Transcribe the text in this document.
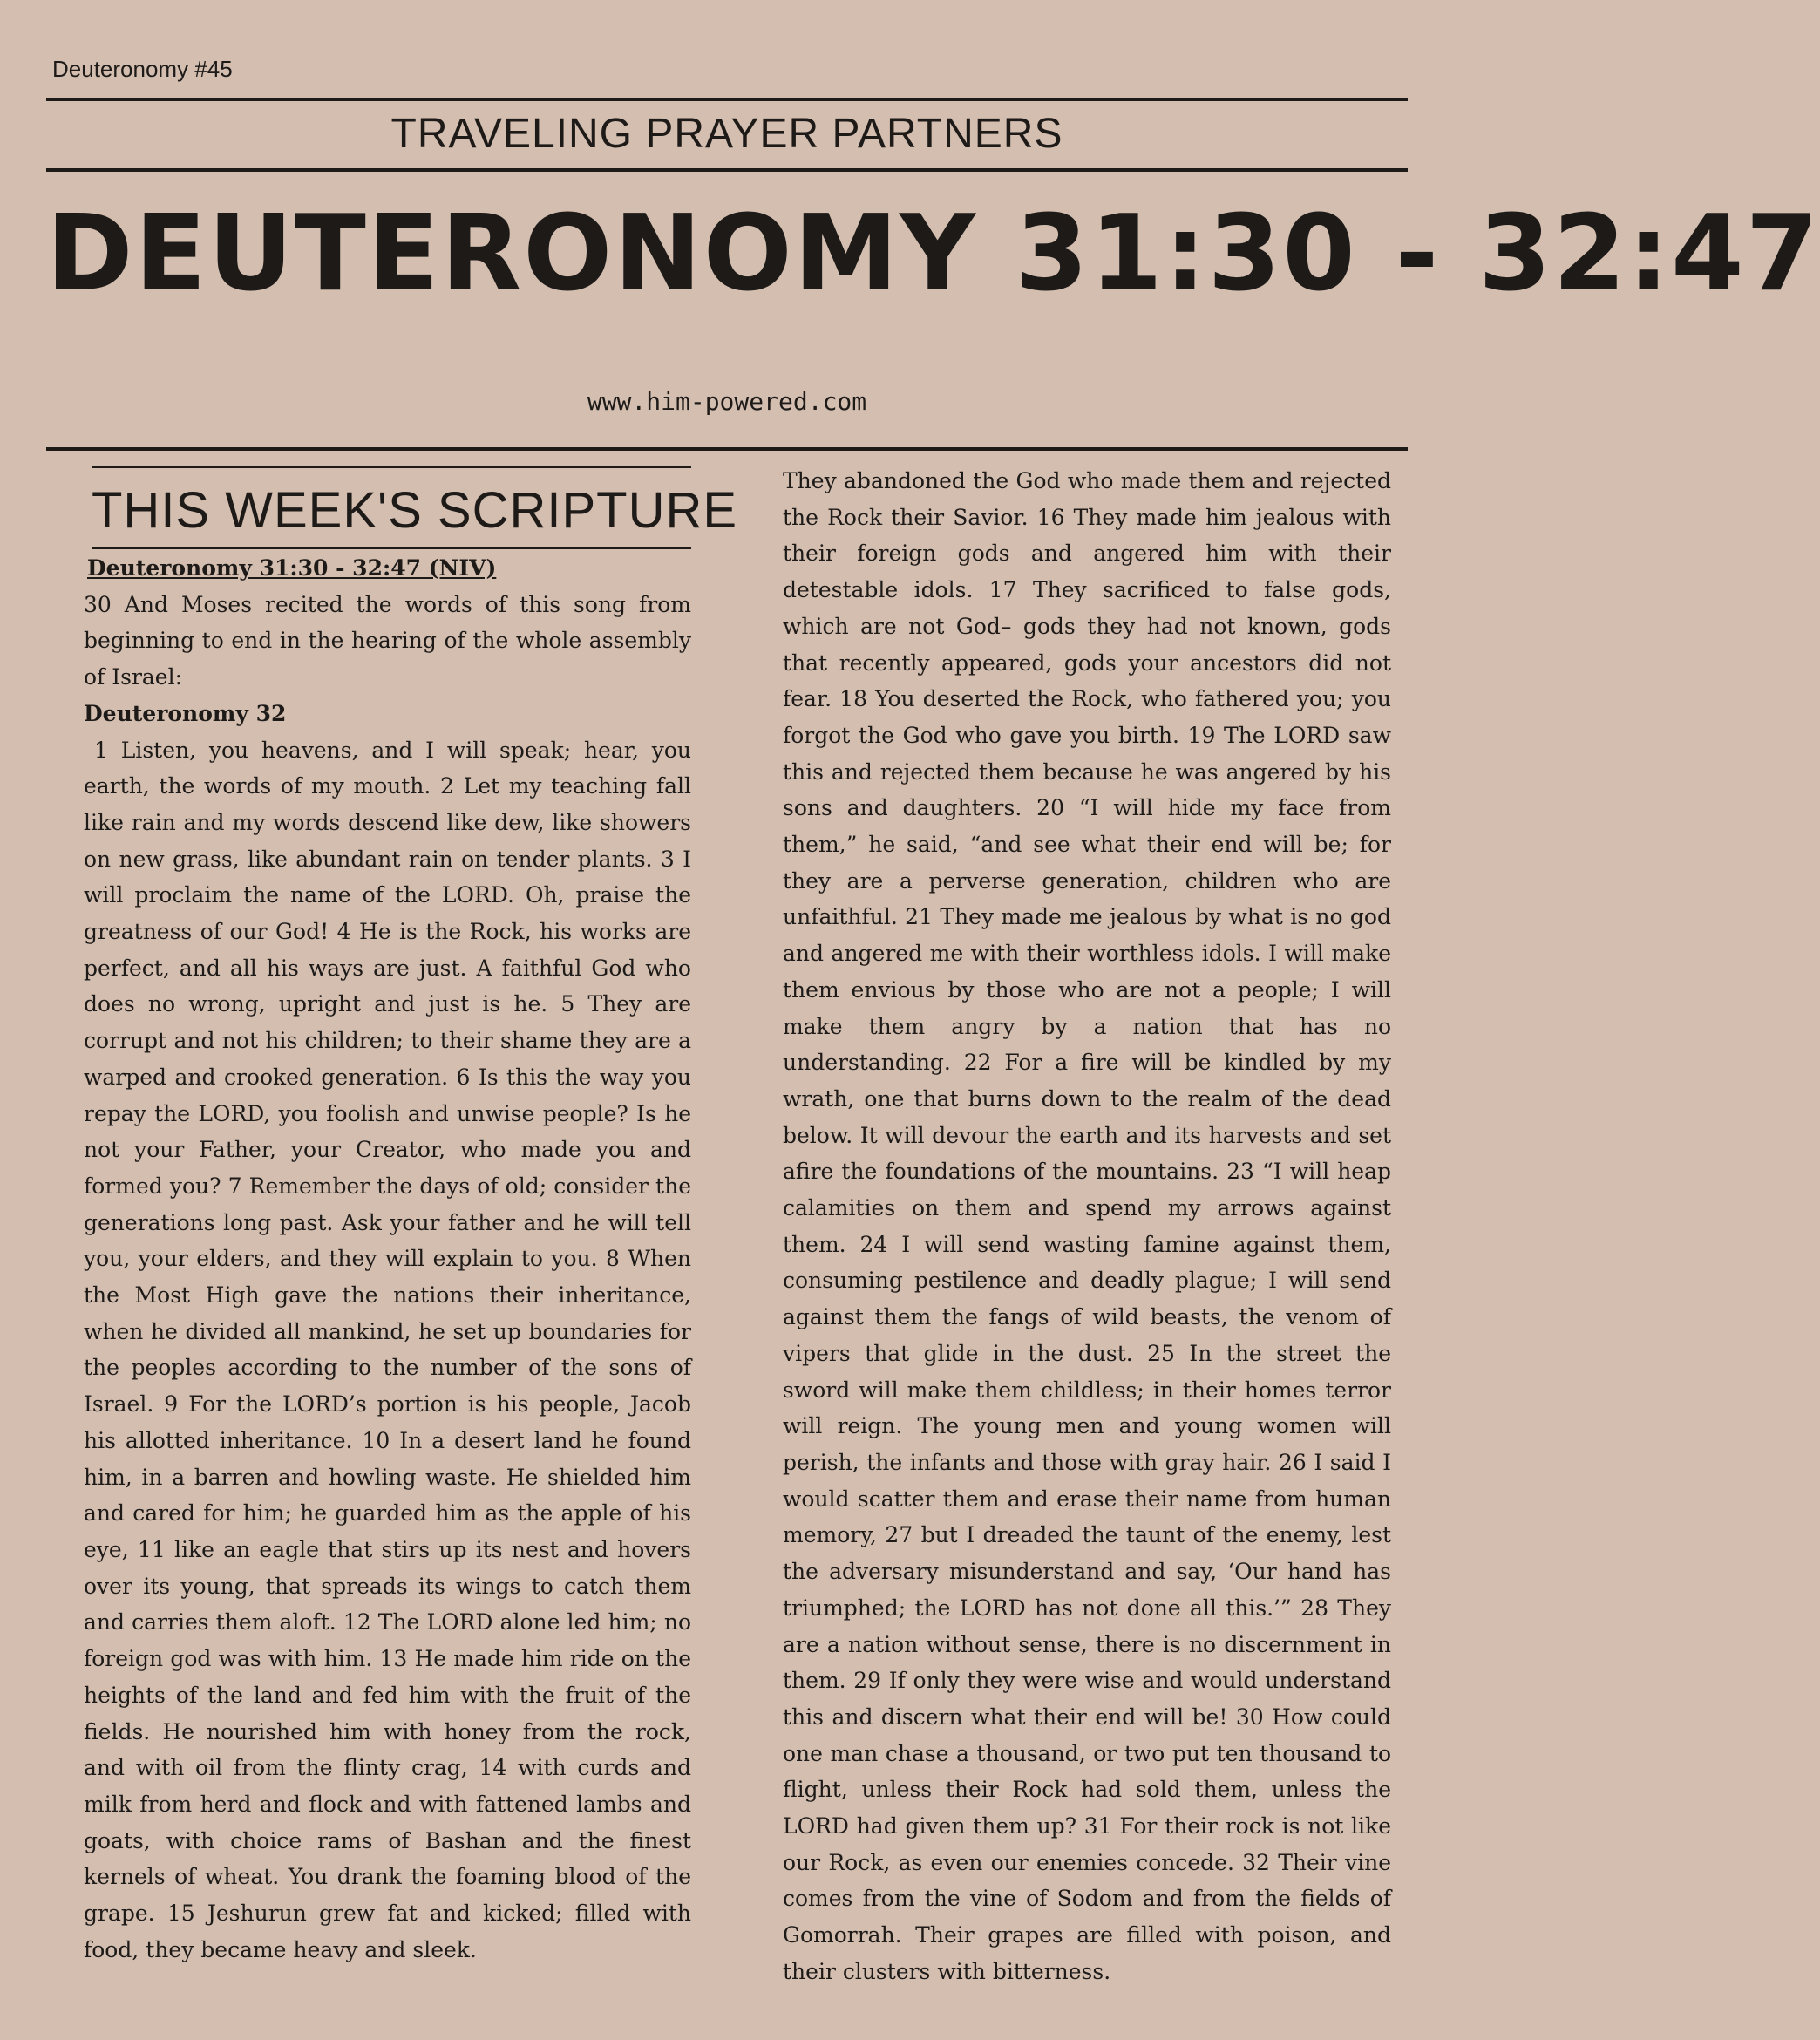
Deuteronomy #45
TRAVELING PRAYER PARTNERS
DEUTERONOMY 31:30 - 32:47
www.him-powered.com
THIS WEEK'S SCRIPTURE

Deuteronomy 31:30 - 32:47 (NIV)

30 And Moses recited the words of this song from beginning to end in the hearing of the whole assembly of Israel:

Deuteronomy 32

1 Listen, you heavens, and I will speak; hear, you earth, the words of my mouth. 2 Let my teaching fall like rain and my words descend like dew, like showers on new grass, like abundant rain on tender plants. 3 I will proclaim the name of the LORD. Oh, praise the greatness of our God! 4 He is the Rock, his works are perfect, and all his ways are just. A faithful God who does no wrong, upright and just is he. 5 They are corrupt and not his children; to their shame they are a warped and crooked generation. 6 Is this the way you repay the LORD, you foolish and unwise people? Is he not your Father, your Creator, who made you and formed you? 7 Remember the days of old; consider the generations long past. Ask your father and he will tell you, your elders, and they will explain to you. 8 When the Most High gave the nations their inheritance, when he divided all mankind, he set up boundaries for the peoples according to the number of the sons of Israel. 9 For the LORD’s portion is his people, Jacob his allotted inheritance. 10 In a desert land he found him, in a barren and howling waste. He shielded him and cared for him; he guarded him as the apple of his eye, 11 like an eagle that stirs up its nest and hovers over its young, that spreads its wings to catch them and carries them aloft. 12 The LORD alone led him; no foreign god was with him. 13 He made him ride on the heights of the land and fed him with the fruit of the fields. He nourished him with honey from the rock, and with oil from the flinty crag, 14 with curds and milk from herd and flock and with fattened lambs and goats, with choice rams of Bashan and the finest kernels of wheat. You drank the foaming blood of the grape. 15 Jeshurun grew fat and kicked; filled with food, they became heavy and sleek.

They abandoned the God who made them and rejected the Rock their Savior. 16 They made him jealous with their foreign gods and angered him with their detestable idols. 17 They sacrificed to false gods, which are not God– gods they had not known, gods that recently appeared, gods your ancestors did not fear. 18 You deserted the Rock, who fathered you; you forgot the God who gave you birth. 19 The LORD saw this and rejected them because he was angered by his sons and daughters. 20 “I will hide my face from them,” he said, “and see what their end will be; for they are a perverse generation, children who are unfaithful. 21 They made me jealous by what is no god and angered me with their worthless idols. I will make them envious by those who are not a people; I will make them angry by a nation that has no understanding. 22 For a fire will be kindled by my wrath, one that burns down to the realm of the dead below. It will devour the earth and its harvests and set afire the foundations of the mountains. 23 “I will heap calamities on them and spend my arrows against them. 24 I will send wasting famine against them, consuming pestilence and deadly plague; I will send against them the fangs of wild beasts, the venom of vipers that glide in the dust. 25 In the street the sword will make them childless; in their homes terror will reign. The young men and young women will perish, the infants and those with gray hair. 26 I said I would scatter them and erase their name from human memory, 27 but I dreaded the taunt of the enemy, lest the adversary misunderstand and say, ‘Our hand has triumphed; the LORD has not done all this.’” 28 They are a nation without sense, there is no discernment in them. 29 If only they were wise and would understand this and discern what their end will be! 30 How could one man chase a thousand, or two put ten thousand to flight, unless their Rock had sold them, unless the LORD had given them up? 31 For their rock is not like our Rock, as even our enemies concede. 32 Their vine comes from the vine of Sodom and from the fields of Gomorrah. Their grapes are filled with poison, and their clusters with bitterness.
